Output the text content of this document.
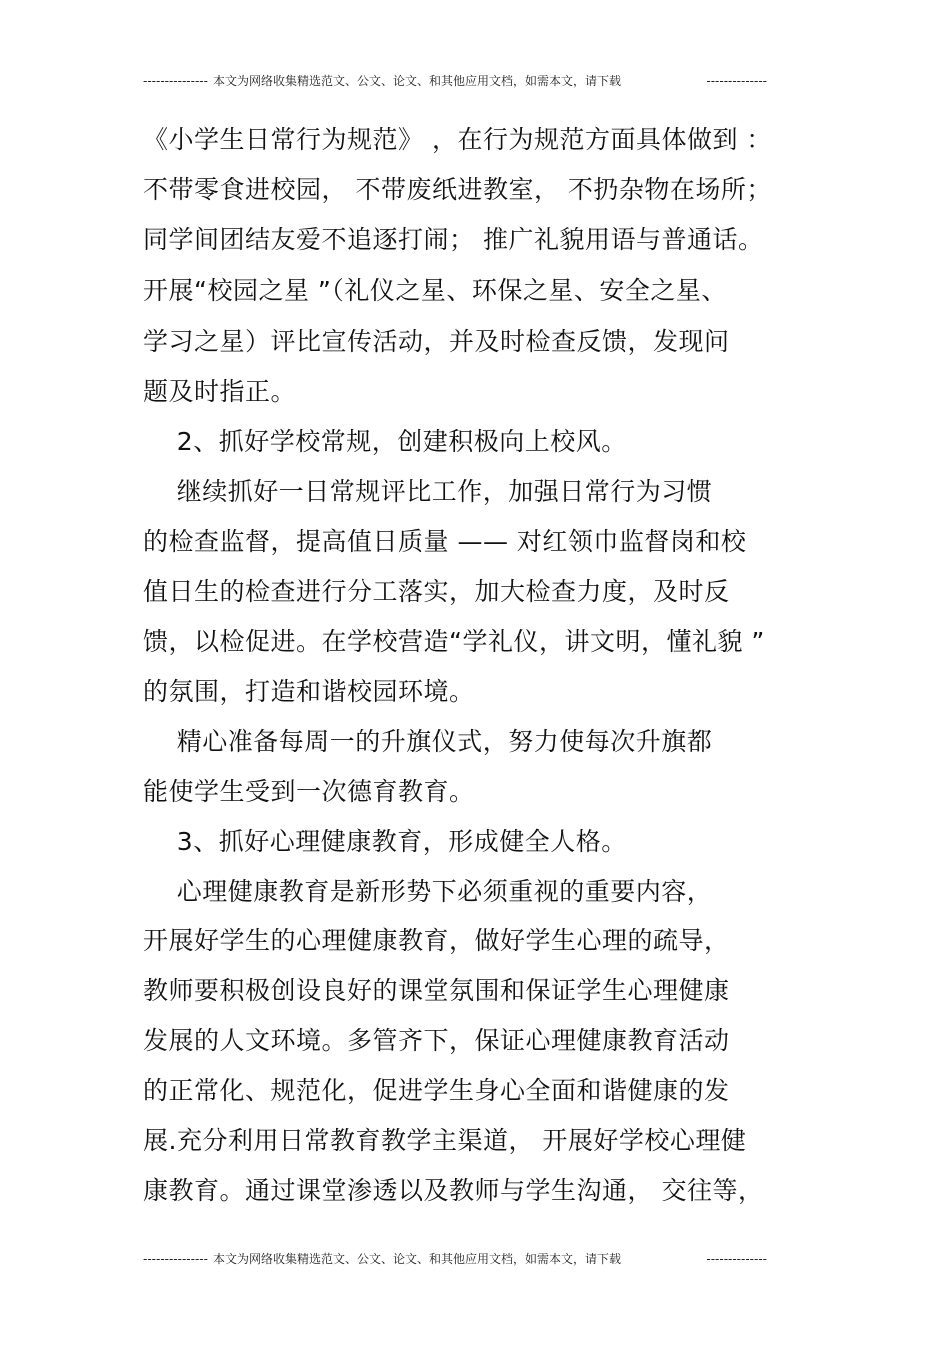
--------------- 本文为网络收集精选范文、公文、论文、和其他应用文档，如需本文，请下载	--------------
《小学生日常行为规范》 ，在行为规范方面具体做到 ：
不带零食进校园， 不带废纸进教室， 不扔杂物在场所；
同学间团结友爱不追逐打闹； 推广礼貌用语与普通话。
开展“校园之星 ”（礼仪之星、环保之星、安全之星、
学习之星）评比宣传活动，并及时检查反馈，发现问
题及时指正。
2、抓好学校常规，创建积极向上校风。
继续抓好一日常规评比工作，加强日常行为习惯
的检查监督，提高值日质量 —— 对红领巾监督岗和校
值日生的检查进行分工落实，加大检查力度，及时反
馈，以检促进。在学校营造“学礼仪，讲文明，懂礼貌 ”
的氛围，打造和谐校园环境。
精心准备每周一的升旗仪式，努力使每次升旗都
能使学生受到一次德育教育。
3、抓好心理健康教育，形成健全人格。
心理健康教育是新形势下必须重视的重要内容，
开展好学生的心理健康教育，做好学生心理的疏导，
教师要积极创设良好的课堂氛围和保证学生心理健康
发展的人文环境。多管齐下，保证心理健康教育活动
的正常化、规范化，促进学生身心全面和谐健康的发
展.充分利用日常教育教学主渠道， 开展好学校心理健
康教育。通过课堂渗透以及教师与学生沟通， 交往等，
--------------- 本文为网络收集精选范文、公文、论文、和其他应用文档，如需本文，请下载	--------------
